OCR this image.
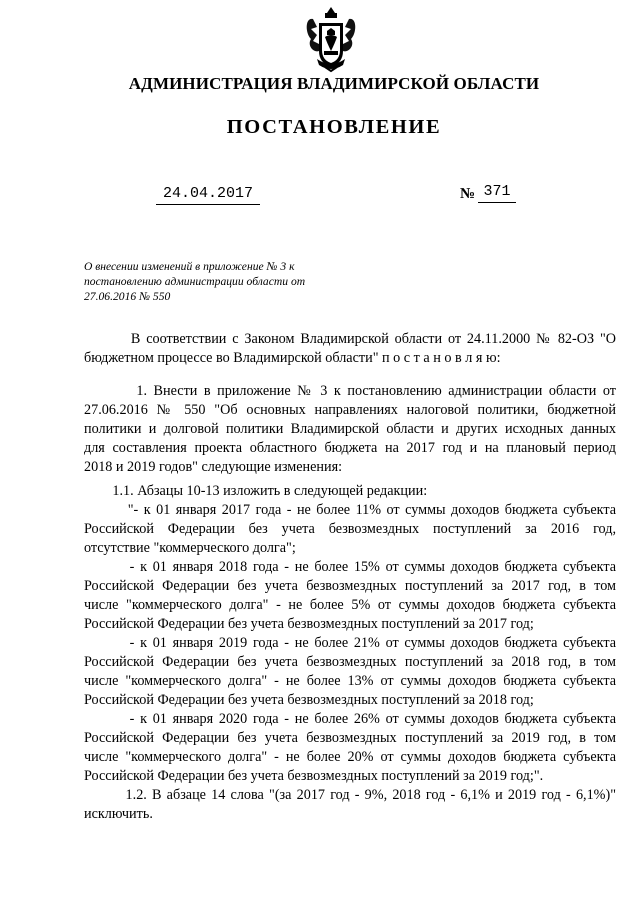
АДМИНИСТРАЦИЯ ВЛАДИМИРСКОЙ ОБЛАСТИ
ПОСТАНОВЛЕНИЕ
24.04.2017	№ 371
О внесении изменений в приложение № 3 к
постановлению администрации области от
27.06.2016 № 550
В соответствии с Законом Владимирской области от 24.11.2000 № 82-ОЗ "О
бюджетном процессе во Владимирской области" п о с т а н о в л я ю:
1. Внести в приложение № 3 к постановлению администрации области от
27.06.2016 № 550 "Об основных направлениях налоговой политики, бюджетной
политики и долговой политики Владимирской области и других исходных данных
для составления проекта областного бюджета на 2017 год и на плановый период
2018 и 2019 годов" следующие изменения:
1.1. Абзацы 10-13 изложить в следующей редакции:
"- к 01 января 2017 года - не более 11% от суммы доходов бюджета субъекта
Российской Федерации без учета безвозмездных поступлений за 2016 год,
отсутствие "коммерческого долга";
- к 01 января 2018 года - не более 15% от суммы доходов бюджета субъекта
Российской Федерации без учета безвозмездных поступлений за 2017 год, в том
числе "коммерческого долга" - не более 5% от суммы доходов бюджета субъекта
Российской Федерации без учета безвозмездных поступлений за 2017 год;
- к 01 января 2019 года - не более 21% от суммы доходов бюджета субъекта
Российской Федерации без учета безвозмездных поступлений за 2018 год, в том
числе "коммерческого долга" - не более 13% от суммы доходов бюджета субъекта
Российской Федерации без учета безвозмездных поступлений за 2018 год;
- к 01 января 2020 года - не более 26% от суммы доходов бюджета субъекта
Российской Федерации без учета безвозмездных поступлений за 2019 год, в том
числе "коммерческого долга" - не более 20% от суммы доходов бюджета субъекта
Российской Федерации без учета безвозмездных поступлений за 2019 год;".
1.2. В абзаце 14 слова "(за 2017 год - 9%, 2018 год - 6,1% и 2019 год - 6,1%)"
исключить.
